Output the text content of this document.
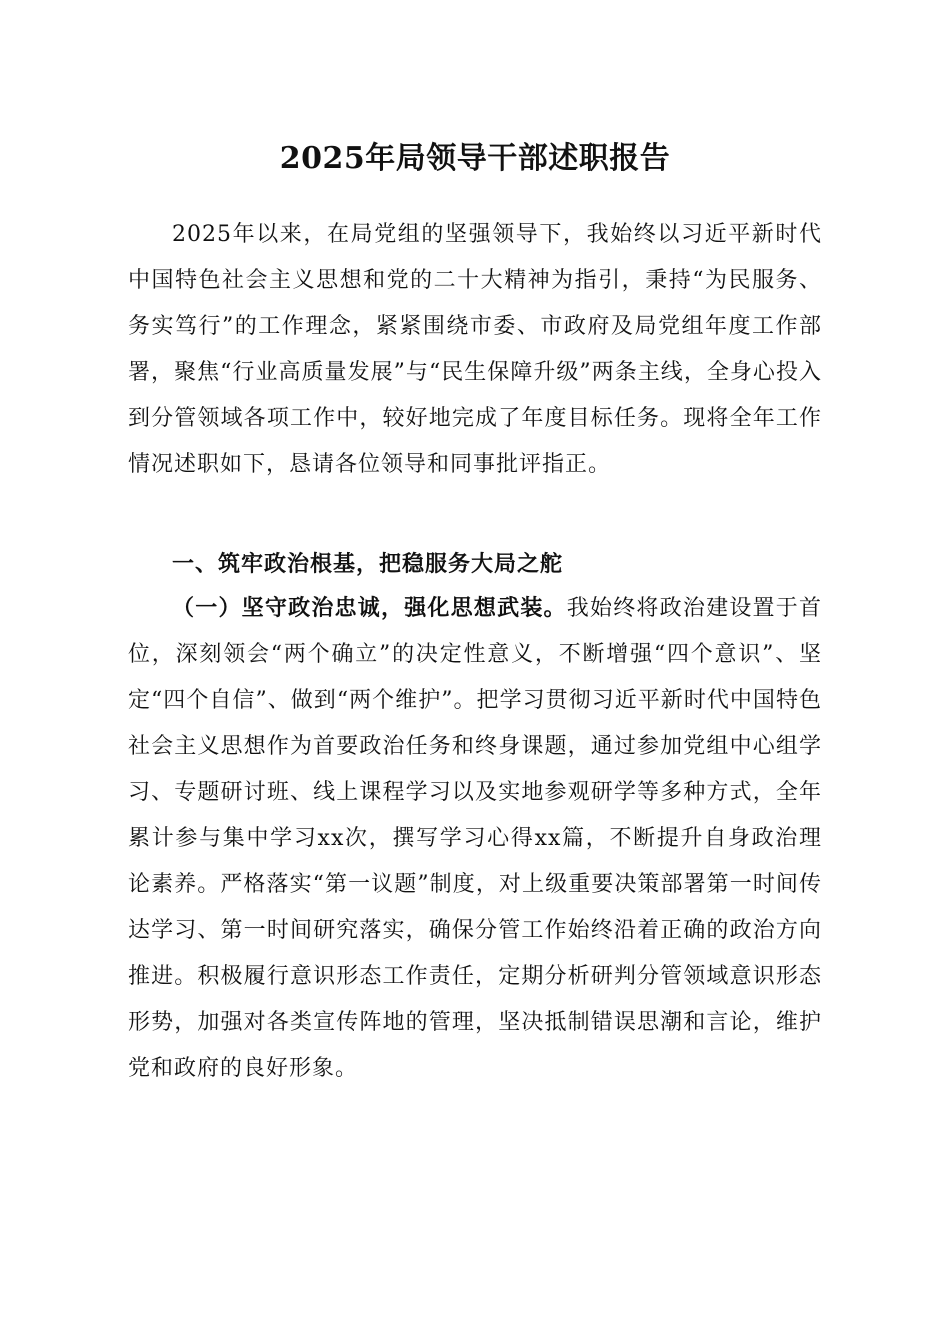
2025年局领导干部述职报告

2025年以来，在局党组的坚强领导下，我始终以习近平新时代中国特色社会主义思想和党的二十大精神为指引，秉持“为民服务、务实笃行”的工作理念，紧紧围绕市委、市政府及局党组年度工作部署，聚焦“行业高质量发展”与“民生保障升级”两条主线，全身心投入到分管领域各项工作中，较好地完成了年度目标任务。现将全年工作情况述职如下，恳请各位领导和同事批评指正。

一、筑牢政治根基，把稳服务大局之舵

（一）坚守政治忠诚，强化思想武装。我始终将政治建设置于首位，深刻领会“两个确立”的决定性意义，不断增强“四个意识”、坚定“四个自信”、做到“两个维护”。把学习贯彻习近平新时代中国特色社会主义思想作为首要政治任务和终身课题，通过参加党组中心组学习、专题研讨班、线上课程学习以及实地参观研学等多种方式，全年累计参与集中学习xx次，撰写学习心得xx篇，不断提升自身政治理论素养。严格落实“第一议题”制度，对上级重要决策部署第一时间传达学习、第一时间研究落实，确保分管工作始终沿着正确的政治方向推进。积极履行意识形态工作责任，定期分析研判分管领域意识形态形势，加强对各类宣传阵地的管理，坚决抵制错误思潮和言论，维护党和政府的良好形象。
